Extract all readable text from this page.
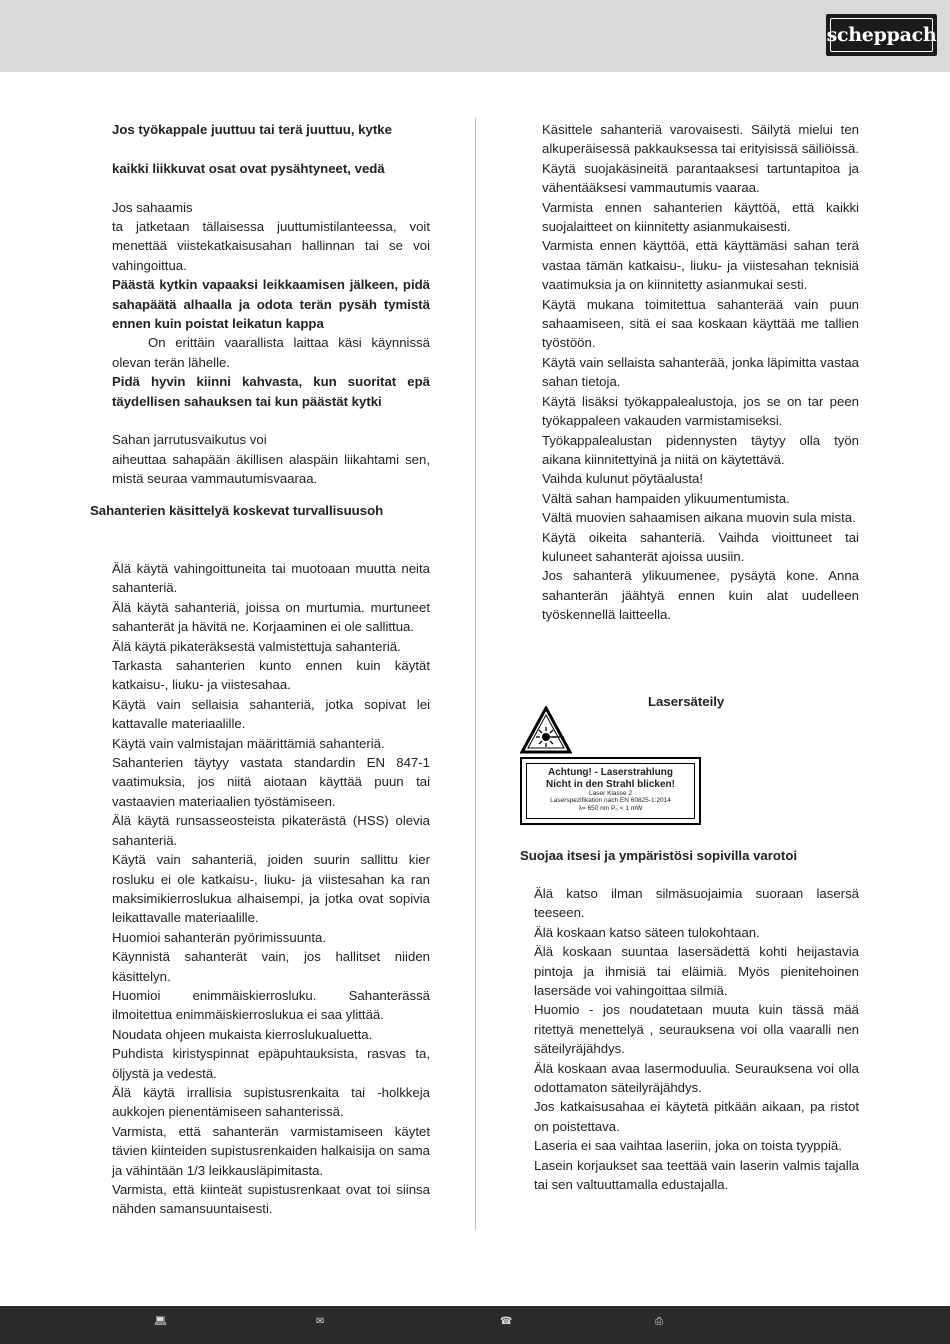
scheppach

Jos työkappale juuttuu tai terä juuttuu, kytke

kaikki liikkuvat osat ovat pysähtyneet, vedä

Jos sahaamis

ta jatketaan tällaisessa juuttumistilanteessa, voit menettää viistekatkaisusahan hallinnan tai se voi vahingoittua.

Päästä kytkin vapaaksi leikkaamisen jälkeen, pidä sahapäätä alhaalla ja odota terän pysäh tymistä ennen kuin poistat leikatun kappa

On erittäin vaarallista laittaa käsi käynnissä olevan terän lähelle.

Pidä hyvin kiinni kahvasta, kun suoritat epä täydellisen sahauksen tai kun päästät kytki

Sahan jarrutusvaikutus voi

aiheuttaa sahapään äkillisen alaspäin liikahtami sen, mistä seuraa vammautumisvaaraa.

Sahanterien käsittelyä koskevat turvallisuusoh

Älä käytä vahingoittuneita tai muotoaan muutta neita sahanteriä.

Älä käytä sahanteriä, joissa on murtumia. murtuneet sahanterät ja hävitä ne. Korjaaminen ei ole sallittua.

Älä käytä pikateräksestä valmistettuja sahanteriä.

Tarkasta sahanterien kunto ennen kuin käytät katkaisu-, liuku- ja viistesahaa.

Käytä vain sellaisia sahanteriä, jotka sopivat lei kattavalle materiaalille.

Käytä vain valmistajan määrittämiä sahanteriä.

Sahanterien täytyy vastata standardin EN 847-1 vaatimuksia, jos niitä aiotaan käyttää puun tai vastaavien materiaalien työstämiseen.

Älä käytä runsasseosteista pikaterästä (HSS) olevia sahanteriä.

Käytä vain sahanteriä, joiden suurin sallittu kier rosluku ei ole katkaisu-, liuku- ja viistesahan ka ran maksimikierroslukua alhaisempi, ja jotka ovat sopivia leikattavalle materiaalille.

Huomioi sahanterän pyörimissuunta.

Käynnistä sahanterät vain, jos hallitset niiden käsittelyn.

Huomioi enimmäiskierrosluku. Sahanterässä ilmoitettua enimmäiskierroslukua ei saa ylittää.

Noudata ohjeen mukaista kierroslukualuetta.

Puhdista kiristyspinnat epäpuhtauksista, rasvas ta, öljystä ja vedestä.

Älä käytä irrallisia supistusrenkaita tai -holkkeja aukkojen pienentämiseen sahanterissä.

Varmista, että sahanterän varmistamiseen käytet tävien kiinteiden supistusrenkaiden halkaisija on sama ja vähintään 1/3 leikkausläpimitasta.

Varmista, että kiinteät supistusrenkaat ovat toi siinsa nähden samansuuntaisesti.

Käsittele sahanteriä varovaisesti. Säilytä mielui ten alkuperäisessä pakkauksessa tai erityisissä säiliöissä. Käytä suojakäsineitä parantaaksesi tartuntapitoa ja vähentääksesi vammautumis vaaraa.

Varmista ennen sahanterien käyttöä, että kaikki suojalaitteet on kiinnitetty asianmukaisesti.

Varmista ennen käyttöä, että käyttämäsi sahan terä vastaa tämän katkaisu-, liuku- ja viistesahan teknisiä vaatimuksia ja on kiinnitetty asianmukai sesti.

Käytä mukana toimitettua sahanterää vain puun sahaamiseen, sitä ei saa koskaan käyttää me tallien työstöön.

Käytä vain sellaista sahanterää, jonka läpimitta vastaa sahan tietoja.

Käytä lisäksi työkappalealustoja, jos se on tar peen työkappaleen vakauden varmistamiseksi.

Työkappalealustan pidennysten täytyy olla työn aikana kiinnitettyinä ja niitä on käytettävä.

Vaihda kulunut pöytäalusta!

Vältä sahan hampaiden ylikuumentumista.

Vältä muovien sahaamisen aikana muovin sula mista.

Käytä oikeita sahanteriä. Vaihda vioittuneet tai kuluneet sahanterät ajoissa uusiin.

Jos sahanterä ylikuumenee, pysäytä kone. Anna sahanterän jäähtyä ennen kuin alat uudelleen työskennellä laitteella.

Lasersäteily

Achtung! - Laserstrahlung
Nicht in den Strahl blicken!
Laser Klasse 2
Laserspezifikation nach EN 60825-1:2014
λ= 650 nm P₀ < 1 mW

Suojaa itsesi ja ympäristösi sopivilla varotoi

Älä katso ilman silmäsuojaimia suoraan lasersä teeseen.

Älä koskaan katso säteen tulokohtaan.

Älä koskaan suuntaa lasersädettä kohti heijastavia pintoja ja ihmisiä tai eläimiä. Myös pienitehoinen lasersäde voi vahingoittaa silmiä.

Huomio - jos noudatetaan muuta kuin tässä mää ritettyä menettelyä , seurauksena voi olla vaaralli nen säteilyräjähdys.

Älä koskaan avaa lasermoduulia. Seurauksena voi olla odottamaton säteilyräjähdys.

Jos katkaisusahaa ei käytetä pitkään aikaan, pa ristot on poistettava.

Laseria ei saa vaihtaa laseriin, joka on toista tyyppiä.

Lasein korjaukset saa teettää vain laserin valmis tajalla tai sen valtuuttamalla edustajalla.

💻︎	✉	☎	⎙
